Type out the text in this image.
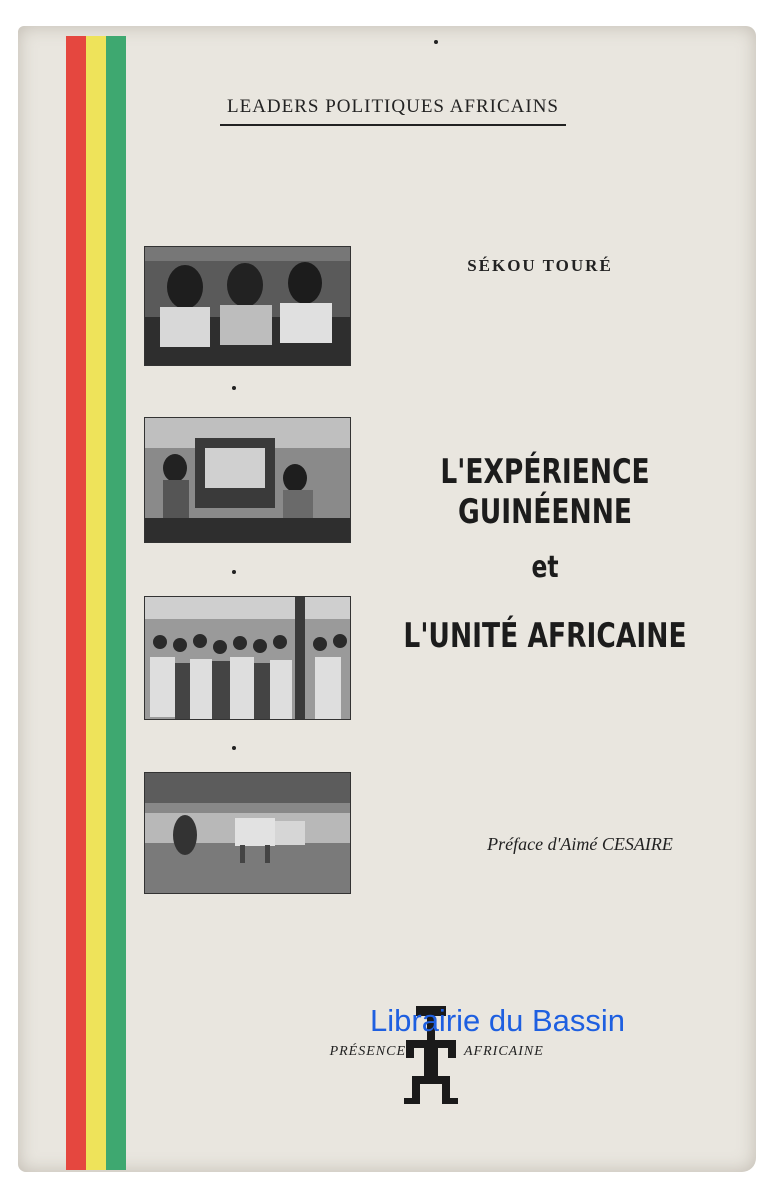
LEADERS POLITIQUES AFRICAINS
SÉKOU TOURÉ
L'EXPÉRIENCE GUINÉENNE
et
L'UNITÉ AFRICAINE
Préface d'Aimé CESAIRE
PRÉSENCE	AFRICAINE
Librairie du Bassin
